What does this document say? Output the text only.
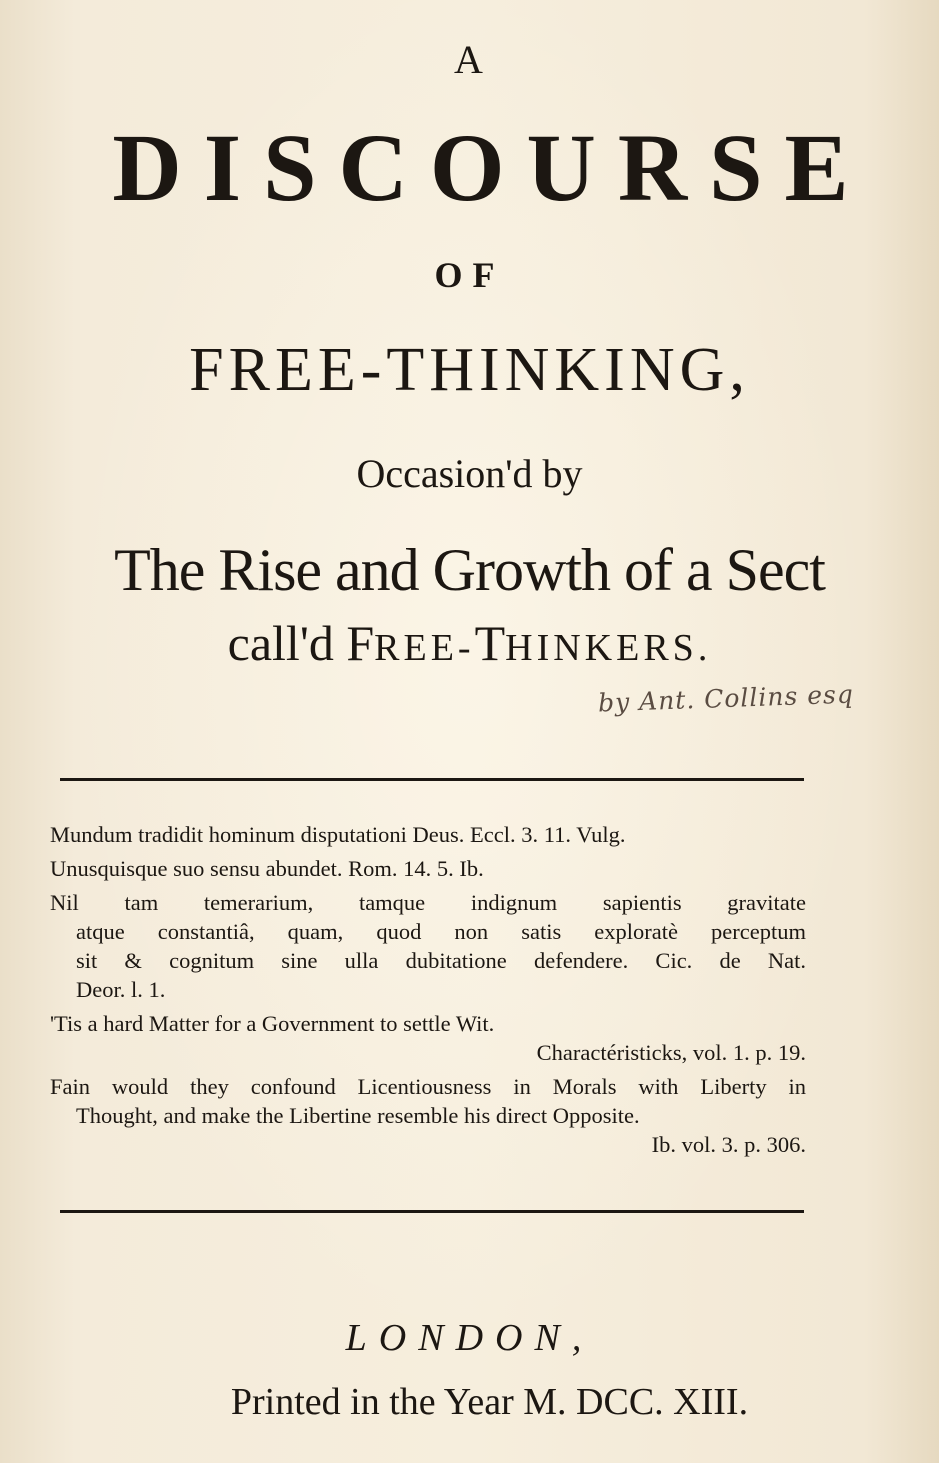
A
DISCOURSE
OF
FREE-THINKING,
Occasion'd by
The Rise and Growth of a Sect
call'd FREE-THINKERS.
by Ant. Collins esq
Mundum tradidit hominum disputationi Deus. Eccl. 3. 11. Vulg.
Unusquisque suo sensu abundet. Rom. 14. 5. Ib.
Nil tam temerarium, tamque indignum sapientis gravitate
atque constantiâ, quam, quod non satis exploratè perceptum
sit & cognitum sine ulla dubitatione defendere. Cic. de Nat.
Deor. l. 1.
'Tis a hard Matter for a Government to settle Wit.
Charactéristicks, vol. 1. p. 19.
Fain would they confound Licentiousness in Morals with Liberty in
Thought, and make the Libertine resemble his direct Opposite.
Ib. vol. 3. p. 306.
LONDON,
Printed in the Year M. DCC. XIII.
